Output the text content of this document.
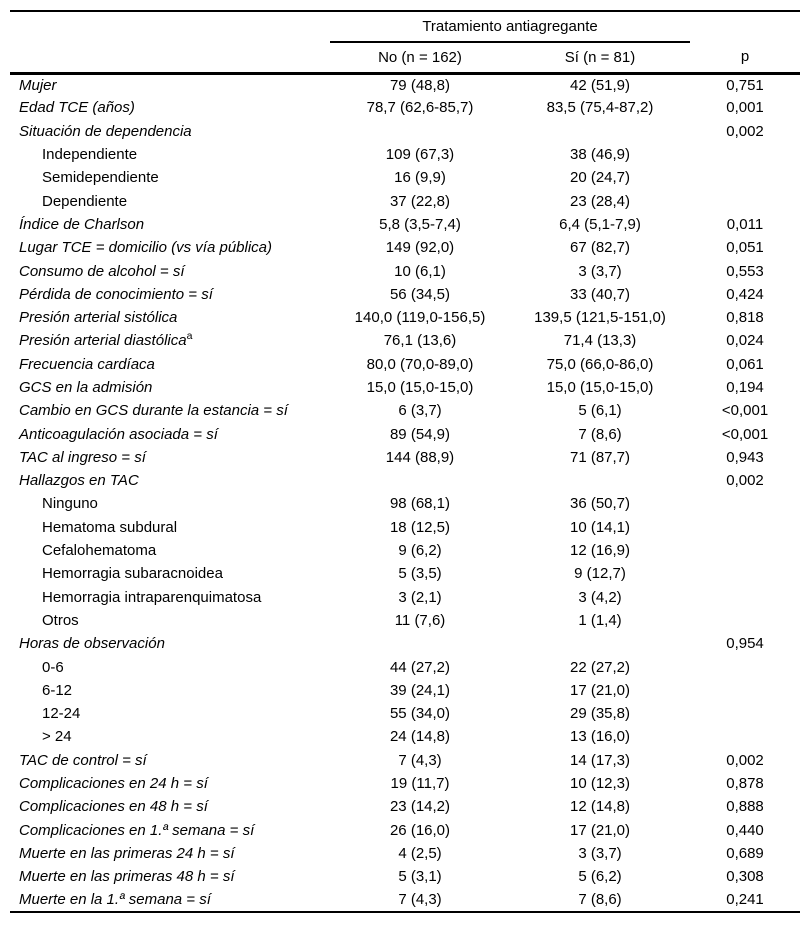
	Tratamiento antiagregante		
	No (n = 162)	Sí (n = 81)	p
Mujer	79 (48,8)	42 (51,9)	0,751
Edad TCE (años)	78,7 (62,6-85,7)	83,5 (75,4-87,2)	0,001
Situación de dependencia			0,002
Independiente	109 (67,3)	38 (46,9)	
Semidependiente	16 (9,9)	20 (24,7)	
Dependiente	37 (22,8)	23 (28,4)	
Índice de Charlson	5,8 (3,5-7,4)	6,4 (5,1-7,9)	0,011
Lugar TCE = domicilio (vs vía pública)	149 (92,0)	67 (82,7)	0,051
Consumo de alcohol = sí	10 (6,1)	3 (3,7)	0,553
Pérdida de conocimiento = sí	56 (34,5)	33 (40,7)	0,424
Presión arterial sistólica	140,0 (119,0-156,5)	139,5 (121,5-151,0)	0,818
Presión arterial diastólica$^a$	76,1 (13,6)	71,4 (13,3)	0,024
Frecuencia cardíaca	80,0 (70,0-89,0)	75,0 (66,0-86,0)	0,061
GCS en la admisión	15,0 (15,0-15,0)	15,0 (15,0-15,0)	0,194
Cambio en GCS durante la estancia = sí	6 (3,7)	5 (6,1)	<0,001
Anticoagulación asociada = sí	89 (54,9)	7 (8,6)	<0,001
TAC al ingreso = sí	144 (88,9)	71 (87,7)	0,943
Hallazgos en TAC			0,002
Ninguno	98 (68,1)	36 (50,7)	
Hematoma subdural	18 (12,5)	10 (14,1)	
Cefalohematoma	9 (6,2)	12 (16,9)	
Hemorragia subaracnoidea	5 (3,5)	9 (12,7)	
Hemorragia intraparenquimatosa	3 (2,1)	3 (4,2)	
Otros	11 (7,6)	1 (1,4)	
Horas de observación			0,954
0-6	44 (27,2)	22 (27,2)	
6-12	39 (24,1)	17 (21,0)	
12-24	55 (34,0)	29 (35,8)	
> 24	24 (14,8)	13 (16,0)	
TAC de control = sí	7 (4,3)	14 (17,3)	0,002
Complicaciones en 24 h = sí	19 (11,7)	10 (12,3)	0,878
Complicaciones en 48 h = sí	23 (14,2)	12 (14,8)	0,888
Complicaciones en 1.ª semana = sí	26 (16,0)	17 (21,0)	0,440
Muerte en las primeras 24 h = sí	4 (2,5)	3 (3,7)	0,689
Muerte en las primeras 48 h = sí	5 (3,1)	5 (6,2)	0,308
Muerte en la 1.ª semana = sí	7 (4,3)	7 (8,6)	0,241
